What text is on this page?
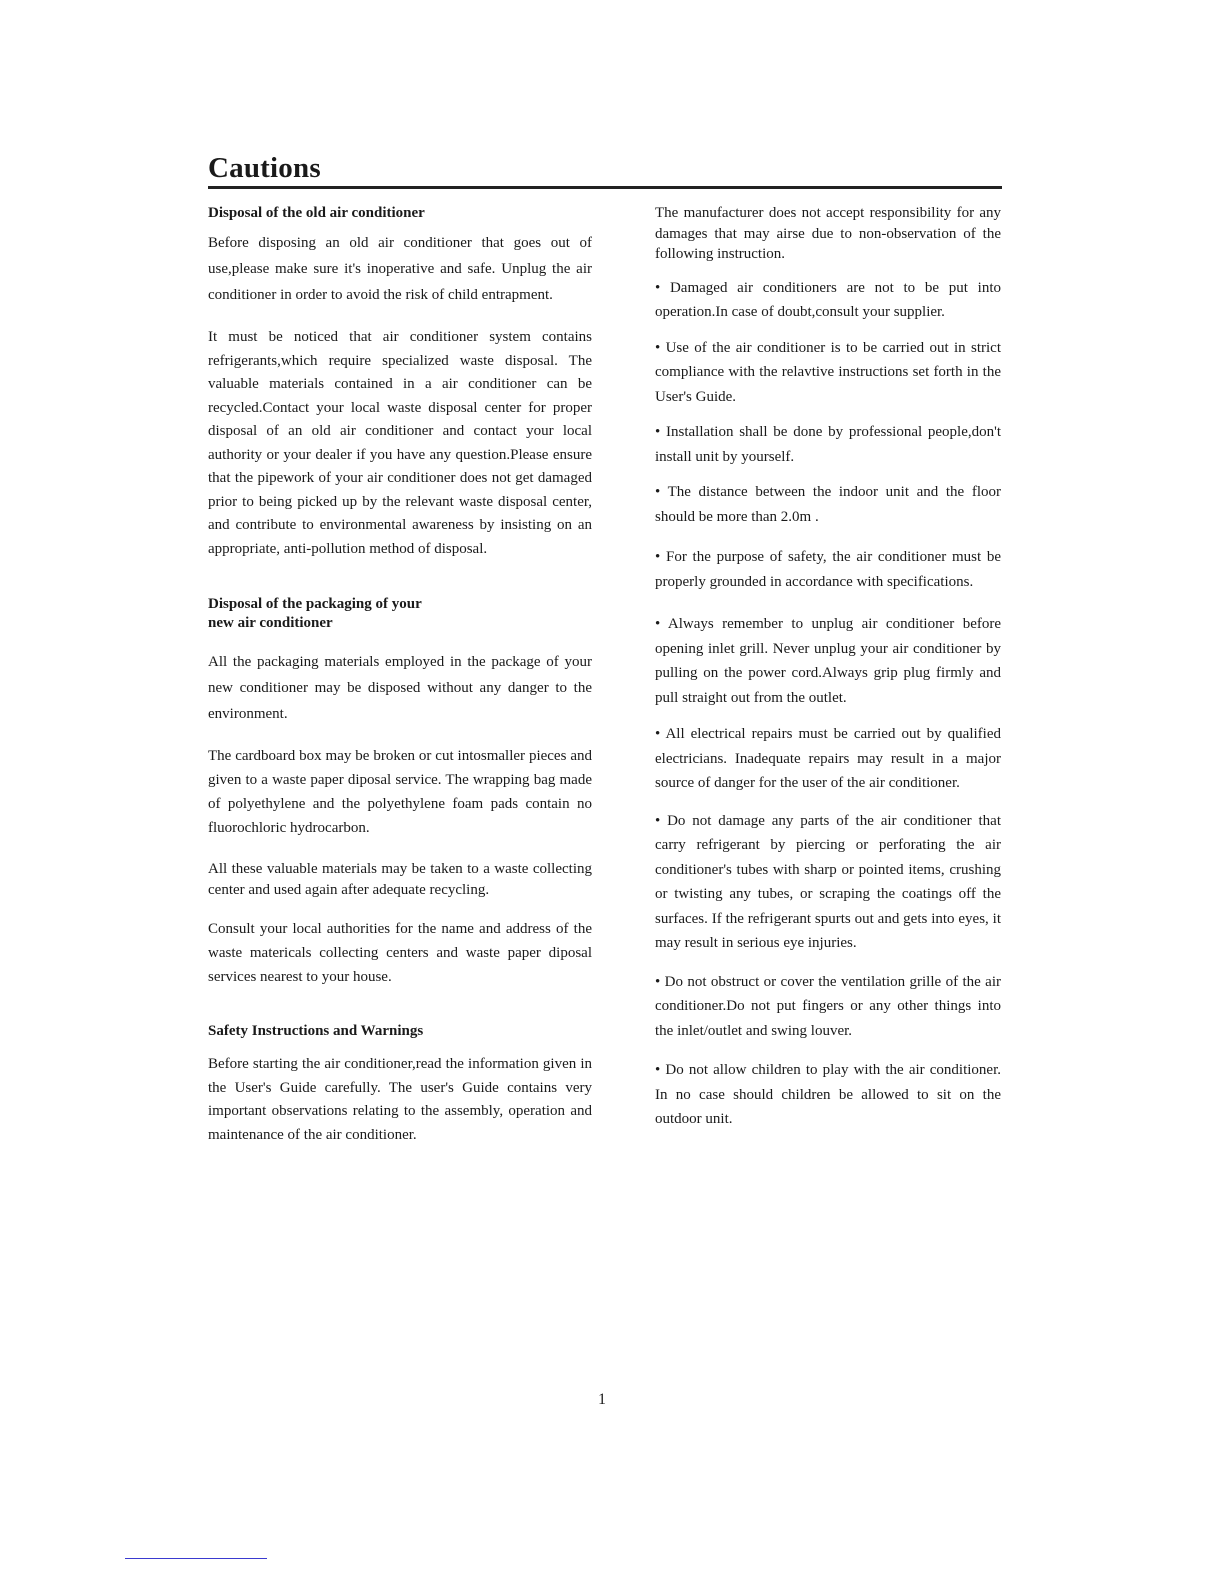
Cautions
Disposal of the old air conditioner

Before disposing an old air conditioner that goes out of use,please make sure it's inoperative and safe. Unplug the air conditioner in order to avoid the risk of child entrapment.

It must be noticed that air conditioner system contains refrigerants,which require specialized waste disposal. The valuable materials contained in a air conditioner can be recycled.Contact your local waste disposal center for proper disposal of an old air conditioner and contact your local authority or your dealer if you have any question.Please ensure that the pipework of your air conditioner does not get damaged prior to being picked up by the relevant waste disposal center, and contribute to environmental awareness by insisting on an appropriate, anti-pollution method of disposal.

Disposal of the packaging of your
new air conditioner

All the packaging materials employed in the package of your new conditioner may be disposed without any danger to the environment.

The cardboard box may be broken or cut intosmaller pieces and given to a waste paper diposal service. The wrapping bag made of polyethylene and the polyethylene foam pads contain no fluorochloric hydrocarbon.

All these valuable materials may be taken to a waste collecting center and used again after adequate recycling.

Consult your local authorities for the name and address of the waste matericals collecting centers and waste paper diposal services nearest to your house.

Safety Instructions and Warnings

Before starting the air conditioner,read the information given in the User's Guide carefully. The user's Guide contains very important observations relating to the assembly, operation and maintenance of the air conditioner.

The manufacturer does not accept responsibility for any damages that may airse due to non-observation of the following instruction.

• Damaged air conditioners are not to be put into operation.In case of doubt,consult your supplier.

• Use of the air conditioner is to be carried out in strict compliance with the relavtive instructions set forth in the User's Guide.

• Installation shall be done by professional people,don't install unit by yourself.

• The distance between the indoor unit and the floor should be more than 2.0m .

• For the purpose of safety, the air conditioner must be properly grounded in accordance with specifications.

• Always remember to unplug air conditioner before opening inlet grill. Never unplug your air conditioner by pulling on the power cord.Always grip plug firmly and pull straight out from the outlet.

• All electrical repairs must be carried out by qualified electricians. Inadequate repairs may result in a major source of danger for the user of the air conditioner.

• Do not damage any parts of the air conditioner that carry refrigerant by piercing or perforating the air conditioner's tubes with sharp or pointed items, crushing or twisting any tubes, or scraping the coatings off the surfaces. If the refrigerant spurts out and gets into eyes, it may result in serious eye injuries.

• Do not obstruct or cover the ventilation grille of the air conditioner.Do not put fingers or any other things into the inlet/outlet and swing louver.

• Do not allow children to play with the air conditioner. In no case should children be allowed to sit on the outdoor unit.

1
